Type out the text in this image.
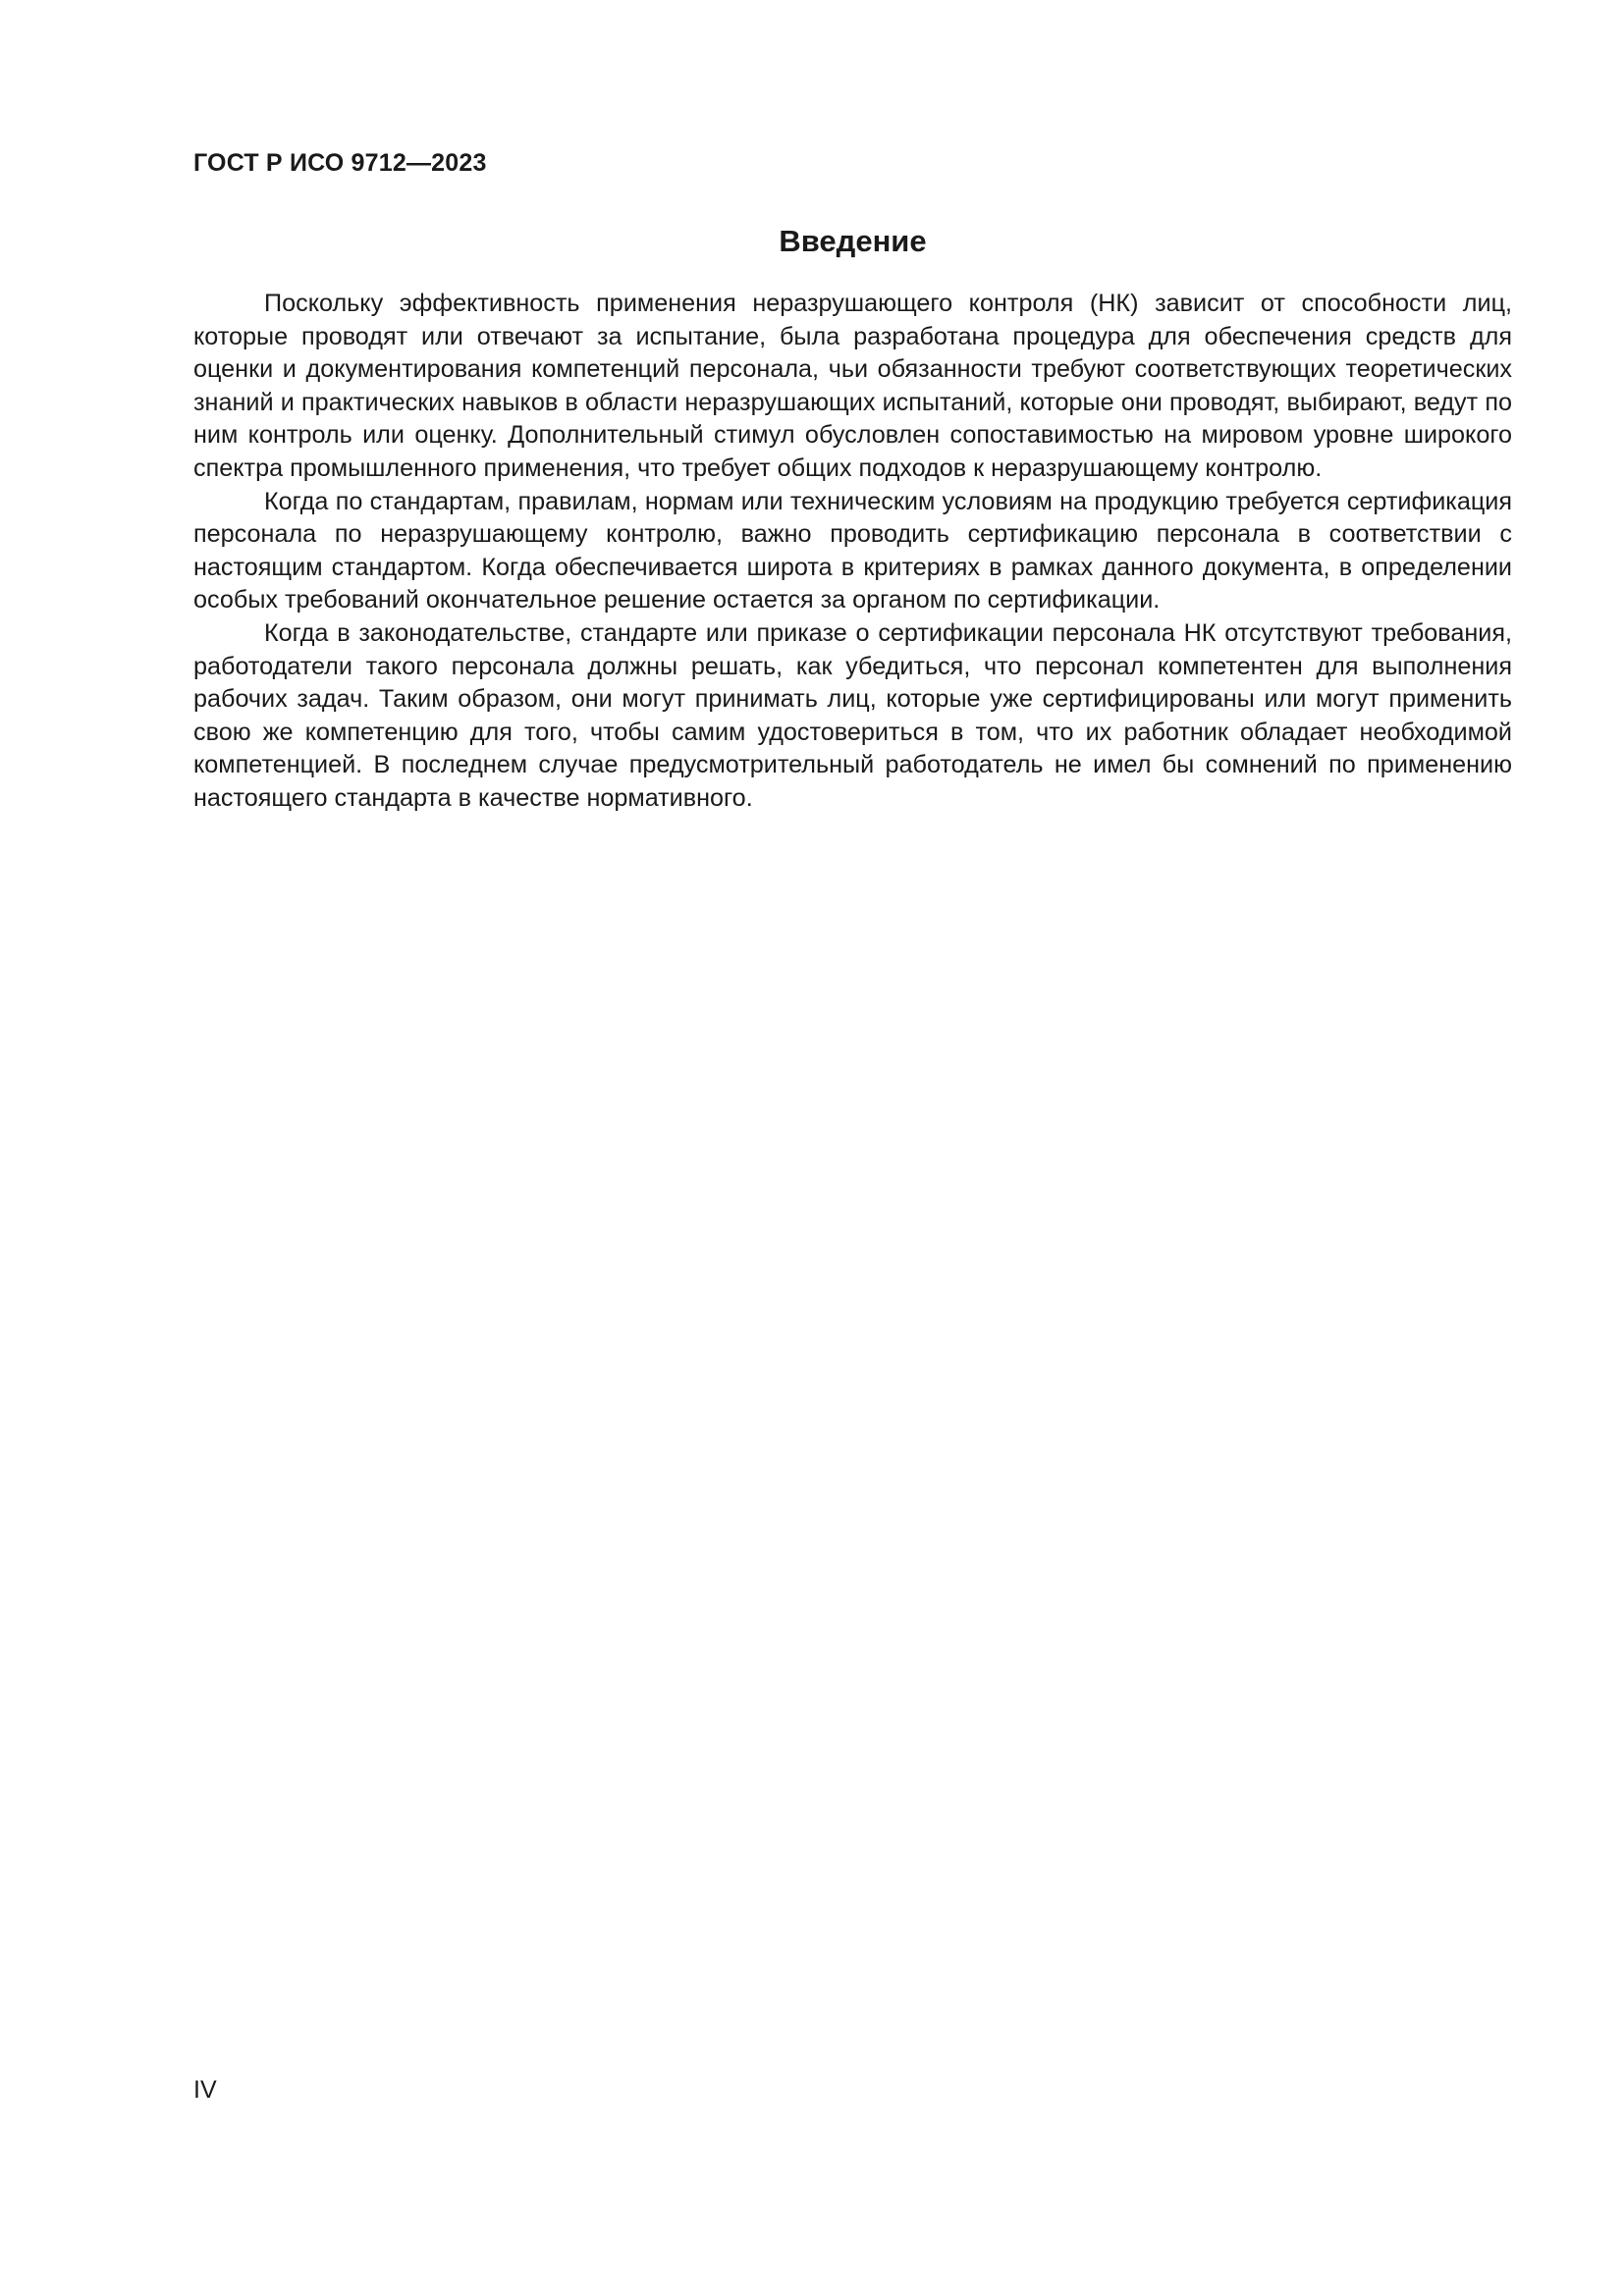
ГОСТ Р ИСО 9712—2023
Введение

Поскольку эффективность применения неразрушающего контроля (НК) зависит от способности лиц, которые проводят или отвечают за испытание, была разработана процедура для обеспечения средств для оценки и документирования компетенций персонала, чьи обязанности требуют соответствующих теоретических знаний и практических навыков в области неразрушающих испытаний, которые они проводят, выбирают, ведут по ним контроль или оценку. Дополнительный стимул обусловлен сопоставимостью на мировом уровне широкого спектра промышленного применения, что требует общих подходов к неразрушающему контролю.

Когда по стандартам, правилам, нормам или техническим условиям на продукцию требуется сертификация персонала по неразрушающему контролю, важно проводить сертификацию персонала в соответствии с настоящим стандартом. Когда обеспечивается широта в критериях в рамках данного документа, в определении особых требований окончательное решение остается за органом по сертификации.

Когда в законодательстве, стандарте или приказе о сертификации персонала НК отсутствуют требования, работодатели такого персонала должны решать, как убедиться, что персонал компетентен для выполнения рабочих задач. Таким образом, они могут принимать лиц, которые уже сертифицированы или могут применить свою же компетенцию для того, чтобы самим удостовериться в том, что их работник обладает необходимой компетенцией. В последнем случае предусмотрительный работодатель не имел бы сомнений по применению настоящего стандарта в качестве нормативного.

IV
